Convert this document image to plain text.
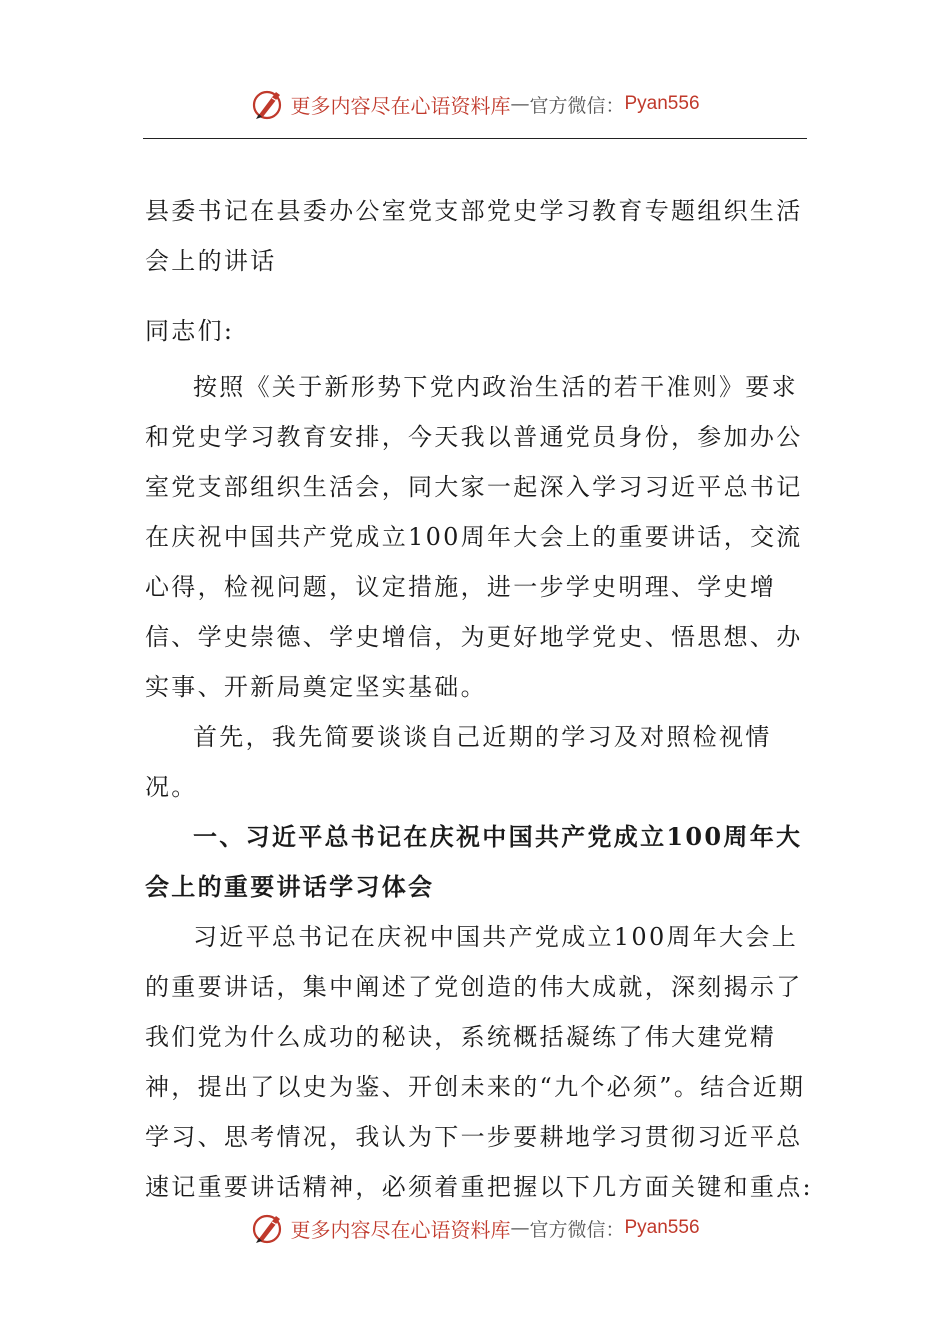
更多内容尽在心语资料库 — 官方微信： Pyan556

县委书记在县委办公室党支部党史学习教育专题组织生活会上的讲话

同志们:

按照《关于新形势下党内政治生活的若干准则》要求和党史学习教育安排，今天我以普通党员身份，参加办公室党支部组织生活会，同大家一起深入学习习近平总书记在庆祝中国共产党成立100周年大会上的重要讲话，交流心得，检视问题，议定措施，进一步学史明理、学史增信、学史崇德、学史增信，为更好地学党史、悟思想、办实事、开新局奠定坚实基础。

首先，我先简要谈谈自己近期的学习及对照检视情况。

一、习近平总书记在庆祝中国共产党成立100周年大会上的重要讲话学习体会

习近平总书记在庆祝中国共产党成立100周年大会上的重要讲话，集中阐述了党创造的伟大成就，深刻揭示了我们党为什么成功的秘诀，系统概括凝练了伟大建党精神，提出了以史为鉴、开创未来的“九个必须”。结合近期学习、思考情况，我认为下一步要耕地学习贯彻习近平总速记重要讲话精神，必须着重把握以下几方面关键和重点:

更多内容尽在心语资料库 — 官方微信： Pyan556
